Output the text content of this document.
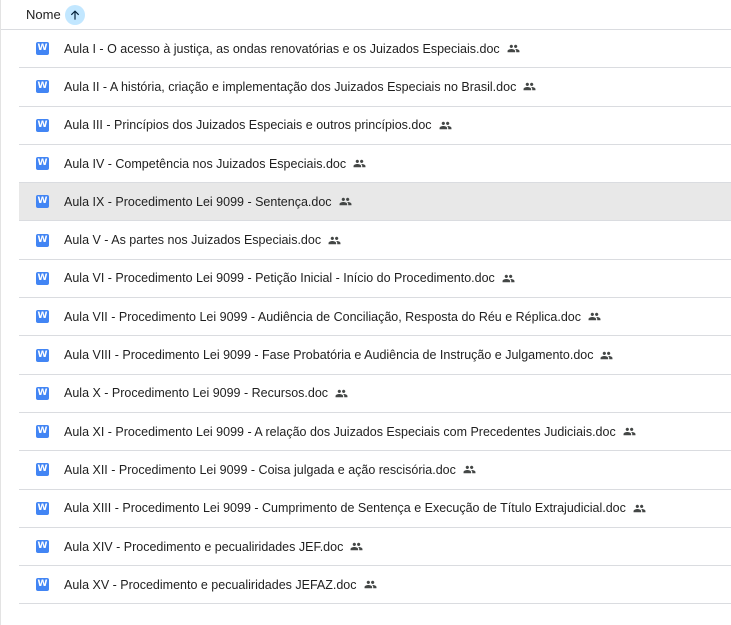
Nome
W Aula I - O acesso à justiça, as ondas renovatórias e os Juizados Especiais.doc
W Aula II - A história, criação e implementação dos Juizados Especiais no Brasil.doc
W Aula III - Princípios dos Juizados Especiais e outros princípios.doc
W Aula IV - Competência nos Juizados Especiais.doc
W Aula IX - Procedimento Lei 9099 - Sentença.doc
W Aula V - As partes nos Juizados Especiais.doc
W Aula VI - Procedimento Lei 9099 - Petição Inicial - Início do Procedimento.doc
W Aula VII - Procedimento Lei 9099 - Audiência de Conciliação, Resposta do Réu e Réplica.doc
W Aula VIII - Procedimento Lei 9099 - Fase Probatória e Audiência de Instrução e Julgamento.doc
W Aula X - Procedimento Lei 9099 - Recursos.doc
W Aula XI - Procedimento Lei 9099 - A relação dos Juizados Especiais com Precedentes Judiciais.doc
W Aula XII - Procedimento Lei 9099 - Coisa julgada e ação rescisória.doc
W Aula XIII - Procedimento Lei 9099 - Cumprimento de Sentença e Execução de Título Extrajudicial.doc
W Aula XIV - Procedimento e pecualiridades JEF.doc
W Aula XV - Procedimento e pecualiridades JEFAZ.doc
